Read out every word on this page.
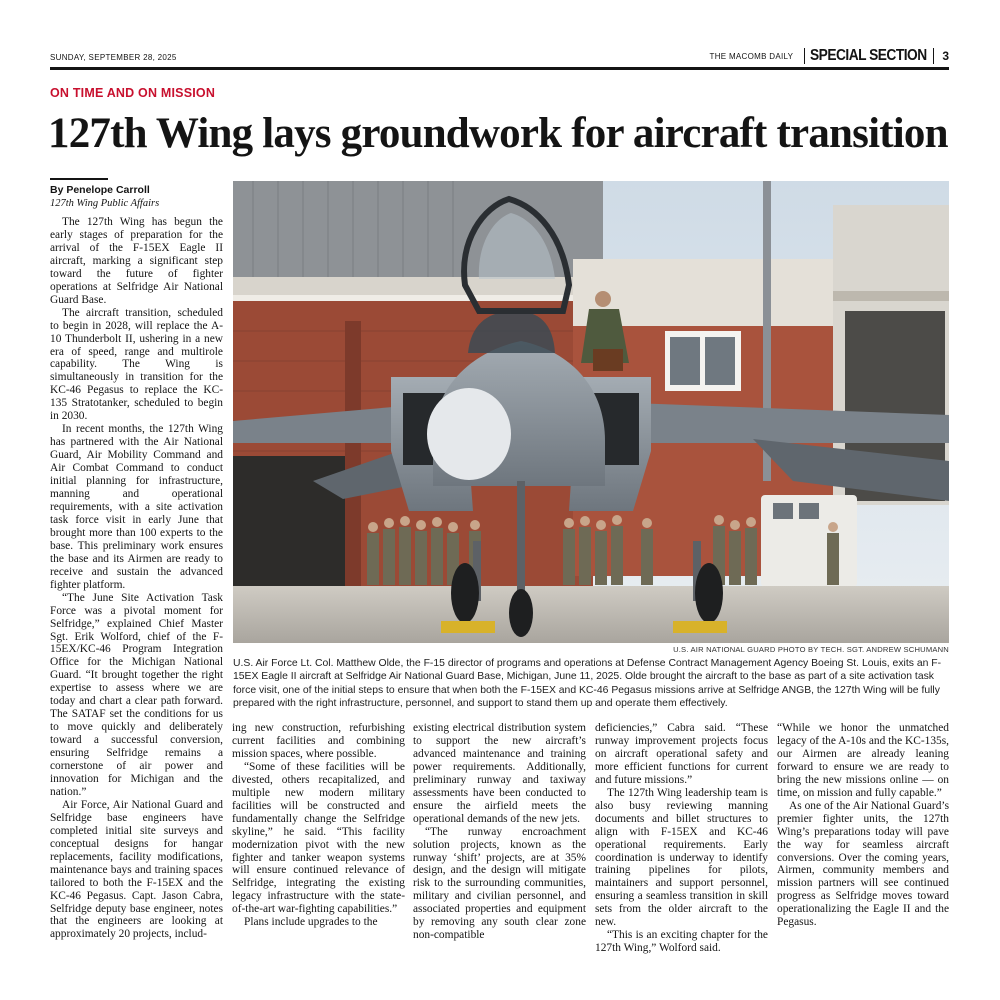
SUNDAY, SEPTEMBER 28, 2025	THE MACOMB DAILY SPECIAL SECTION 3
ON TIME AND ON MISSION
127th Wing lays groundwork for aircraft transition
By Penelope Carroll
127th Wing Public Affairs

The 127th Wing has begun the early stages of preparation for the arrival of the F-15EX Eagle II aircraft, marking a significant step toward the future of fighter operations at Selfridge Air National Guard Base.

The aircraft transition, scheduled to begin in 2028, will replace the A-10 Thunderbolt II, ushering in a new era of speed, range and multirole capability. The Wing is simultaneously in transition for the KC-46 Pegasus to replace the KC-135 Stratotanker, scheduled to begin in 2030.

In recent months, the 127th Wing has partnered with the Air National Guard, Air Mobility Command and Air Combat Command to conduct initial planning for infrastructure, manning and operational requirements, with a site activation task force visit in early June that brought more than 100 experts to the base. This preliminary work ensures the base and its Airmen are ready to receive and sustain the advanced fighter platform.

“The June Site Activation Task Force was a pivotal moment for Selfridge,” explained Chief Master Sgt. Erik Wolford, chief of the F-15EX/KC-46 Program Integration Office for the Michigan National Guard. “It brought together the right expertise to assess where we are today and chart a clear path forward. The SATAF set the conditions for us to move quickly and deliberately toward a successful conversion, ensuring Selfridge remains a cornerstone of air power and innovation for Michigan and the nation.”

Air Force, Air National Guard and Selfridge base engineers have completed initial site surveys and conceptual designs for hangar replacements, facility modifications, maintenance bays and training spaces tailored to both the F-15EX and the KC-46 Pegasus. Capt. Jason Cabra, Selfridge deputy base engineer, notes that the engineers are looking at approximately 20 projects, includ-

U.S. AIR NATIONAL GUARD PHOTO BY TECH. SGT. ANDREW SCHUMANN
U.S. Air Force Lt. Col. Matthew Olde, the F-15 director of programs and operations at Defense Contract Management Agency Boeing St. Louis, exits an F-15EX Eagle II aircraft at Selfridge Air National Guard Base, Michigan, June 11, 2025. Olde brought the aircraft to the base as part of a site activation task force visit, one of the initial steps to ensure that when both the F-15EX and KC-46 Pegasus missions arrive at Selfridge ANGB, the 127th Wing will be fully prepared with the right infrastructure, personnel, and support to stand them up and operate them effectively.

ing new construction, refurbishing current facilities and combining mission spaces, where possible.

“Some of these facilities will be divested, others recapitalized, and multiple new modern military facilities will be constructed and fundamentally change the Selfridge skyline,” he said. “This facility modernization pivot with the new fighter and tanker weapon systems will ensure continued relevance of Selfridge, integrating the existing legacy infrastructure with the state-of-the-art war-fighting capabilities.”

Plans include upgrades to the

existing electrical distribution system to support the new aircraft’s advanced maintenance and training power requirements. Additionally, preliminary runway and taxiway assessments have been conducted to ensure the airfield meets the operational demands of the new jets.

“The runway encroachment solution projects, known as the runway ‘shift’ projects, are at 35% design, and the design will mitigate risk to the surrounding communities, military and civilian personnel, and associated properties and equipment by removing any south clear zone non-compatible

deficiencies,” Cabra said. “These runway improvement projects focus on aircraft operational safety and more efficient functions for current and future missions.”

The 127th Wing leadership team is also busy reviewing manning documents and billet structures to align with F-15EX and KC-46 operational requirements. Early coordination is underway to identify training pipelines for pilots, maintainers and support personnel, ensuring a seamless transition in skill sets from the older aircraft to the new.

“This is an exciting chapter for the 127th Wing,” Wolford said.

“While we honor the unmatched legacy of the A-10s and the KC-135s, our Airmen are already leaning forward to ensure we are ready to bring the new missions online — on time, on mission and fully capable.”

As one of the Air National Guard’s premier fighter units, the 127th Wing’s preparations today will pave the way for seamless aircraft conversions. Over the coming years, Airmen, community members and mission partners will see continued progress as Selfridge moves toward operationalizing the Eagle II and the Pegasus.
